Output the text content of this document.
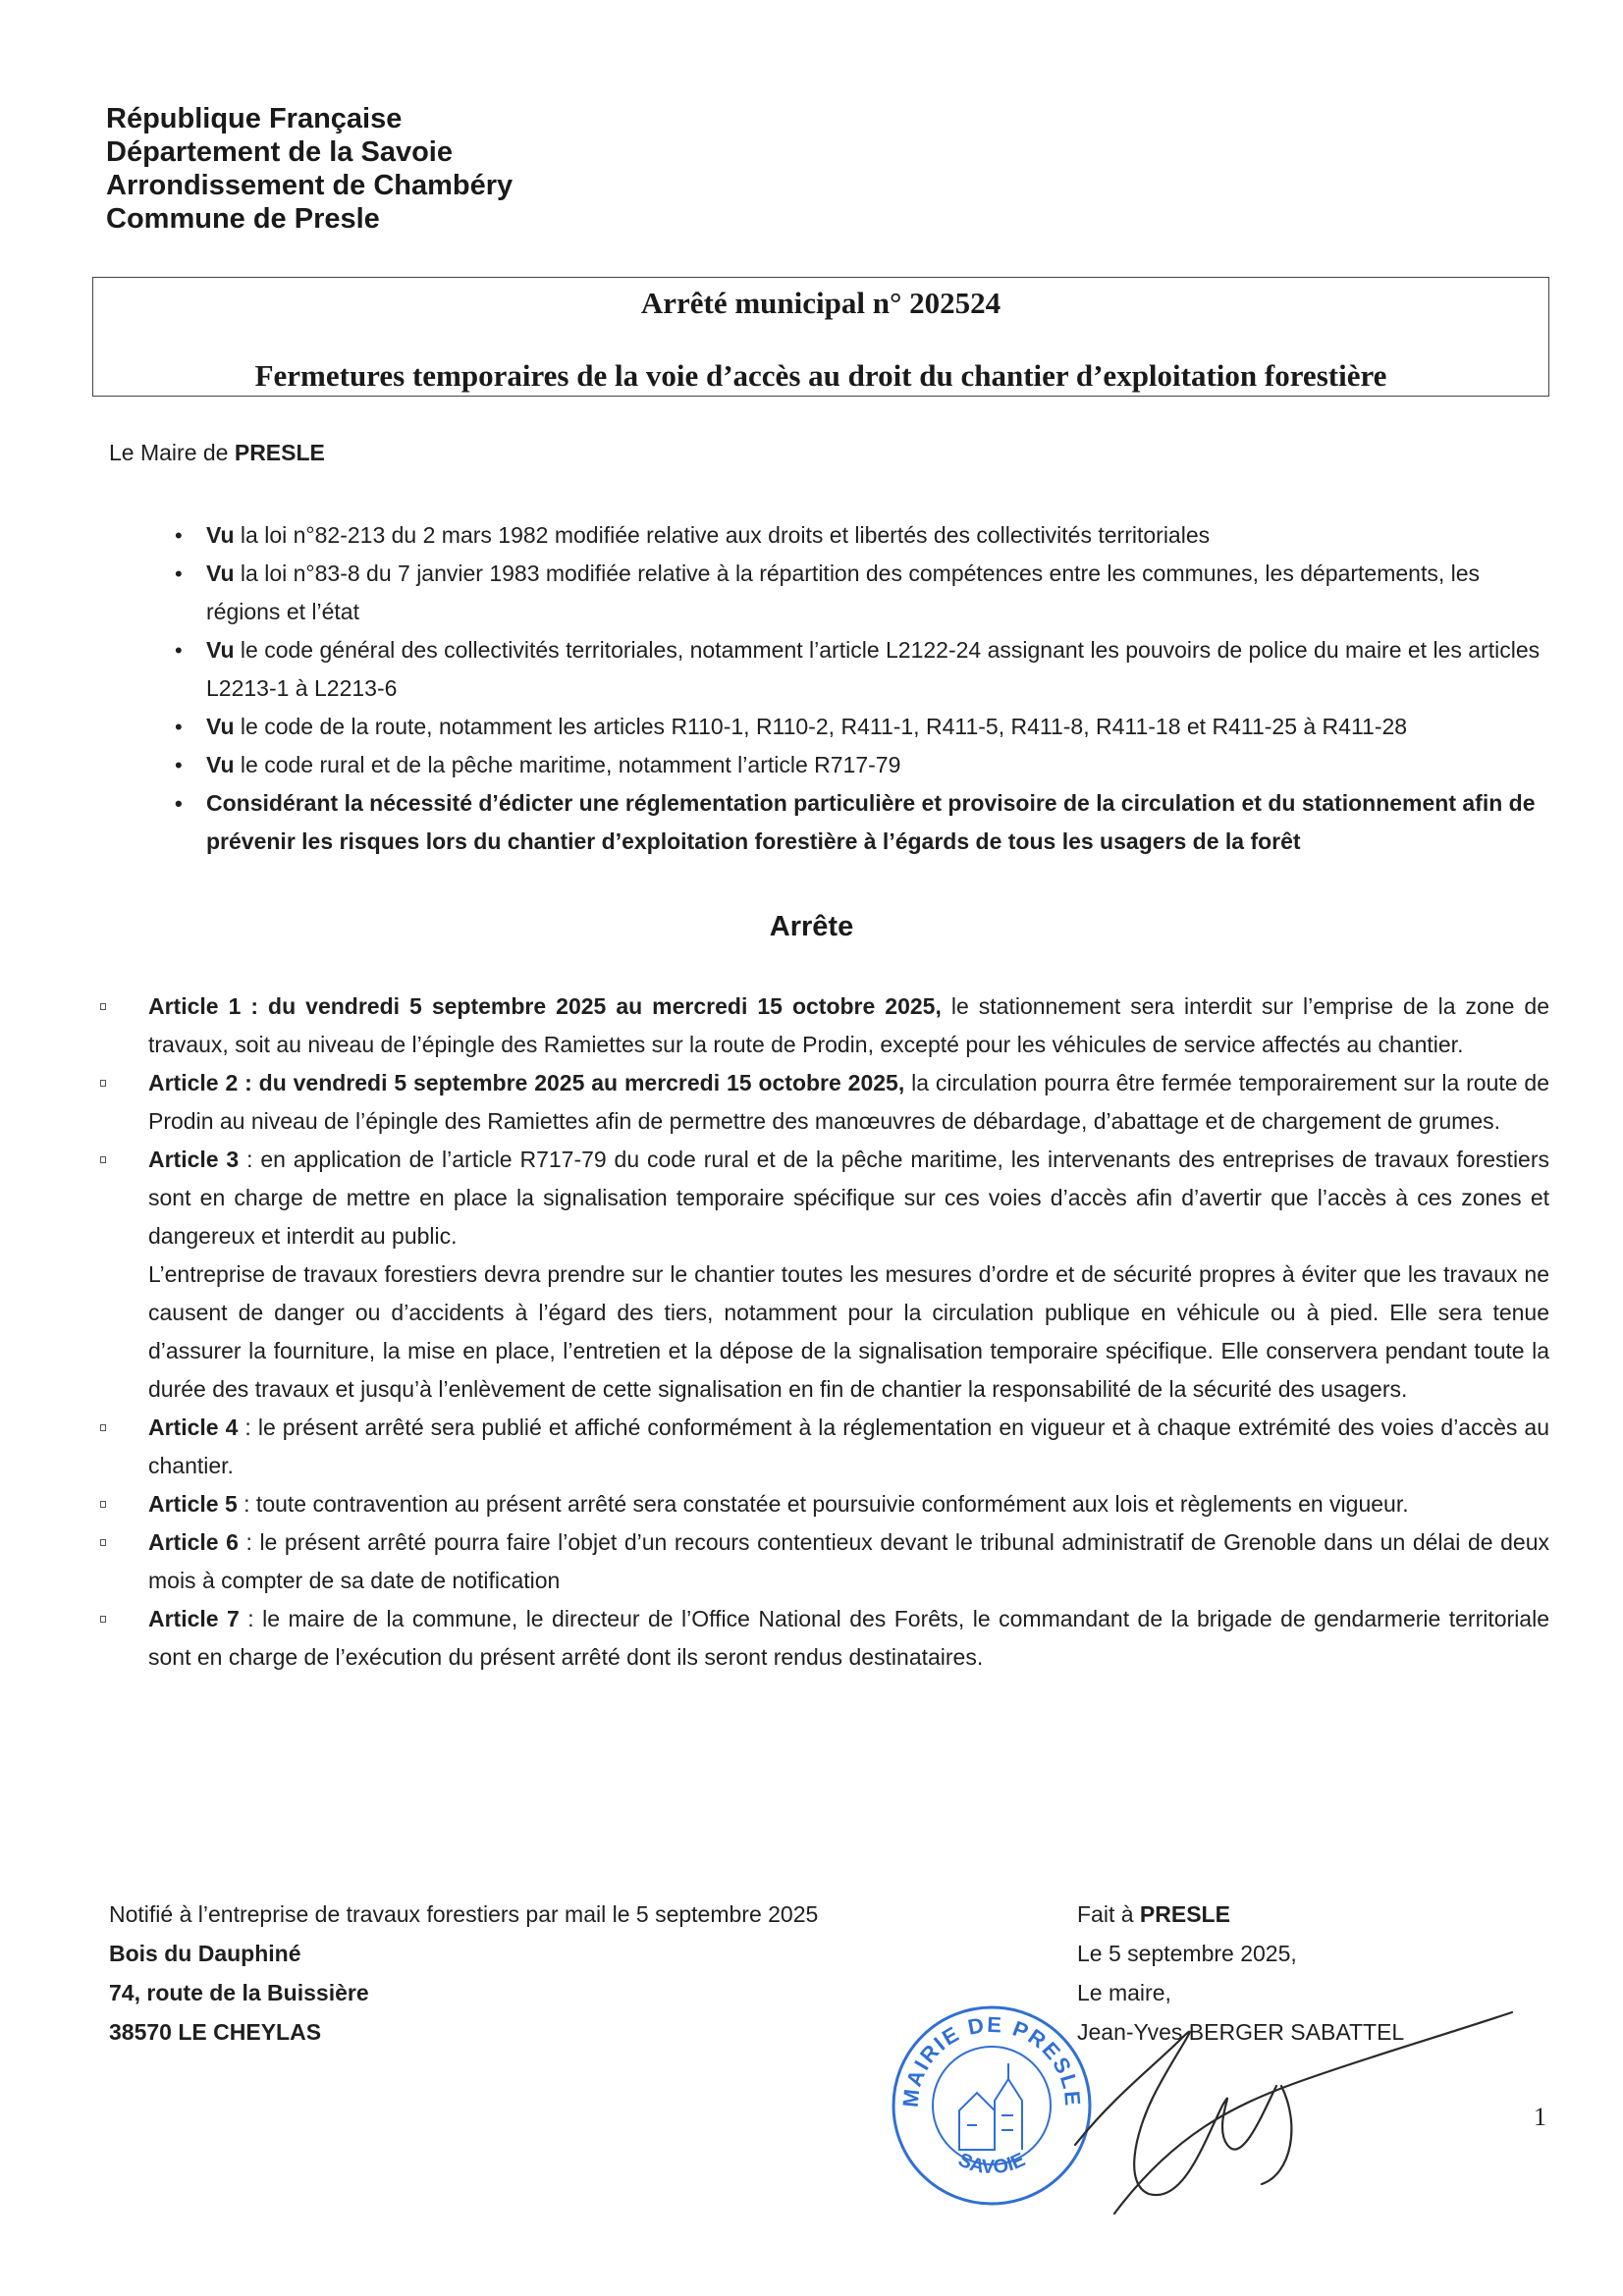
République Française
Département de la Savoie
Arrondissement de Chambéry
Commune de Presle
Arrêté municipal n° 202524
Fermetures temporaires de la voie d’accès au droit du chantier d’exploitation forestière
Le Maire de PRESLE
• Vu la loi n°82-213 du 2 mars 1982 modifiée relative aux droits et libertés des collectivités territoriales
• Vu la loi n°83-8 du 7 janvier 1983 modifiée relative à la répartition des compétences entre les communes, les départements, les régions et l’état
• Vu le code général des collectivités territoriales, notamment l’article L2122-24 assignant les pouvoirs de police du maire et les articles L2213-1 à L2213-6
• Vu le code de la route, notamment les articles R110-1, R110-2, R411-1, R411-5, R411-8, R411-18 et R411-25 à R411-28
• Vu le code rural et de la pêche maritime, notamment l’article R717-79
• Considérant la nécessité d’édicter une réglementation particulière et provisoire de la circulation et du stationnement afin de prévenir les risques lors du chantier d’exploitation forestière à l’égards de tous les usagers de la forêt
Arrête
Article 1 : du vendredi 5 septembre 2025 au mercredi 15 octobre 2025, le stationnement sera interdit sur l’emprise de la zone de travaux, soit au niveau de l’épingle des Ramiettes sur la route de Prodin, excepté pour les véhicules de service affectés au chantier.
Article 2 : du vendredi 5 septembre 2025 au mercredi 15 octobre 2025, la circulation pourra être fermée temporairement sur la route de Prodin au niveau de l’épingle des Ramiettes afin de permettre des manœuvres de débardage, d’abattage et de chargement de grumes.
Article 3 : en application de l’article R717-79 du code rural et de la pêche maritime, les intervenants des entreprises de travaux forestiers sont en charge de mettre en place la signalisation temporaire spécifique sur ces voies d’accès afin d’avertir que l’accès à ces zones et dangereux et interdit au public.
L’entreprise de travaux forestiers devra prendre sur le chantier toutes les mesures d’ordre et de sécurité propres à éviter que les travaux ne causent de danger ou d’accidents à l’égard des tiers, notamment pour la circulation publique en véhicule ou à pied. Elle sera tenue d’assurer la fourniture, la mise en place, l’entretien et la dépose de la signalisation temporaire spécifique. Elle conservera pendant toute la durée des travaux et jusqu’à l’enlèvement de cette signalisation en fin de chantier la responsabilité de la sécurité des usagers.
Article 4 : le présent arrêté sera publié et affiché conformément à la réglementation en vigueur et à chaque extrémité des voies d’accès au chantier.
Article 5 : toute contravention au présent arrêté sera constatée et poursuivie conformément aux lois et règlements en vigueur.
Article 6 : le présent arrêté pourra faire l’objet d’un recours contentieux devant le tribunal administratif de Grenoble dans un délai de deux mois à compter de sa date de notification
Article 7 : le maire de la commune, le directeur de l’Office National des Forêts, le commandant de la brigade de gendarmerie territoriale sont en charge de l’exécution du présent arrêté dont ils seront rendus destinataires.
Notifié à l’entreprise de travaux forestiers par mail le 5 septembre 2025
Bois du Dauphiné
74, route de la Buissière
38570 LE CHEYLAS
Fait à PRESLE
Le 5 septembre 2025,
Le maire,
Jean-Yves BERGER SABATTEL
MAIRIE DE PRESLE
SAVOIE
1
